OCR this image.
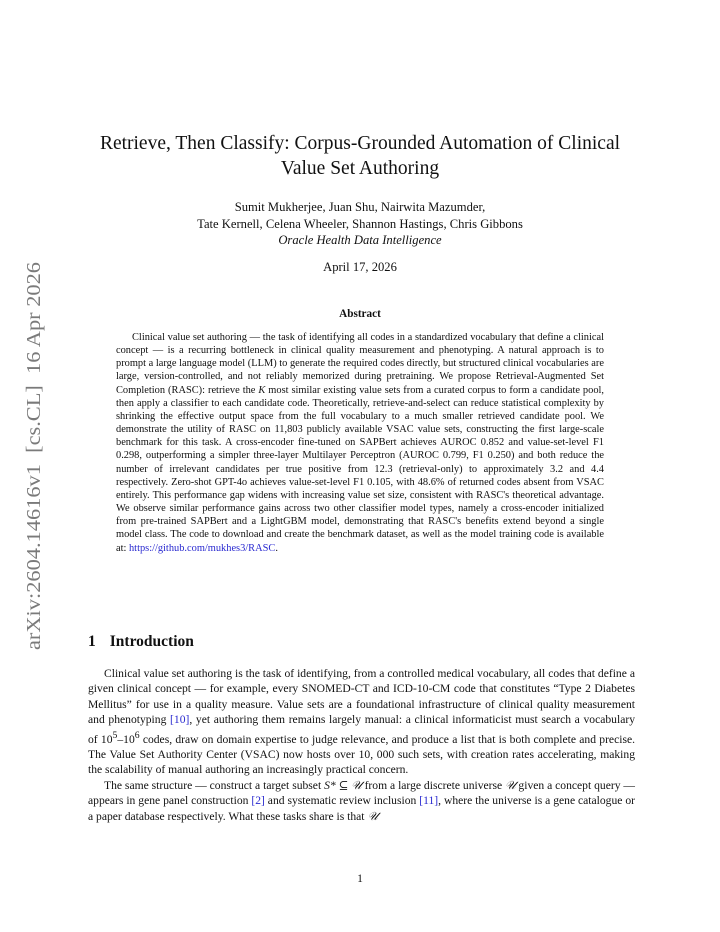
arXiv:2604.14616v1  [cs.CL]  16 Apr 2026
Retrieve, Then Classify: Corpus-Grounded Automation of Clinical Value Set Authoring
Sumit Mukherjee, Juan Shu, Nairwita Mazumder,
Tate Kernell, Celena Wheeler, Shannon Hastings, Chris Gibbons
Oracle Health Data Intelligence
April 17, 2026
Abstract

Clinical value set authoring — the task of identifying all codes in a standardized vocabulary that define a clinical concept — is a recurring bottleneck in clinical quality measurement and phenotyping. A natural approach is to prompt a large language model (LLM) to generate the required codes directly, but structured clinical vocabularies are large, version-controlled, and not reliably memorized during pretraining. We propose Retrieval-Augmented Set Completion (RASC): retrieve the K most similar existing value sets from a curated corpus to form a candidate pool, then apply a classifier to each candidate code. Theoretically, retrieve-and-select can reduce statistical complexity by shrinking the effective output space from the full vocabulary to a much smaller retrieved candidate pool. We demonstrate the utility of RASC on 11,803 publicly available VSAC value sets, constructing the first large-scale benchmark for this task. A cross-encoder fine-tuned on SAPBert achieves AUROC 0.852 and value-set-level F1 0.298, outperforming a simpler three-layer Multilayer Perceptron (AUROC 0.799, F1 0.250) and both reduce the number of irrelevant candidates per true positive from 12.3 (retrieval-only) to approximately 3.2 and 4.4 respectively. Zero-shot GPT-4o achieves value-set-level F1 0.105, with 48.6% of returned codes absent from VSAC entirely. This performance gap widens with increasing value set size, consistent with RASC's theoretical advantage. We observe similar performance gains across two other classifier model types, namely a cross-encoder initialized from pre-trained SAPBert and a LightGBM model, demonstrating that RASC's benefits extend beyond a single model class. The code to download and create the benchmark dataset, as well as the model training code is available at: https://github.com/mukhes3/RASC.

1 Introduction

Clinical value set authoring is the task of identifying, from a controlled medical vocabulary, all codes that define a given clinical concept — for example, every SNOMED-CT and ICD-10-CM code that constitutes “Type 2 Diabetes Mellitus” for use in a quality measure. Value sets are a foundational infrastructure of clinical quality measurement and phenotyping [10], yet authoring them remains largely manual: a clinical informaticist must search a vocabulary of $10^5-10^6$ codes, draw on domain expertise to judge relevance, and produce a list that is both complete and precise. The Value Set Authority Center (VSAC) now hosts over 10, 000 such sets, with creation rates accelerating, making the scalability of manual authoring an increasingly practical concern.

The same structure — construct a target subset S* ⊆ 𝒰 from a large discrete universe 𝒰 given a concept query — appears in gene panel construction [2] and systematic review inclusion [11], where the universe is a gene catalogue or a paper database respectively. What these tasks share is that 𝒰

1
